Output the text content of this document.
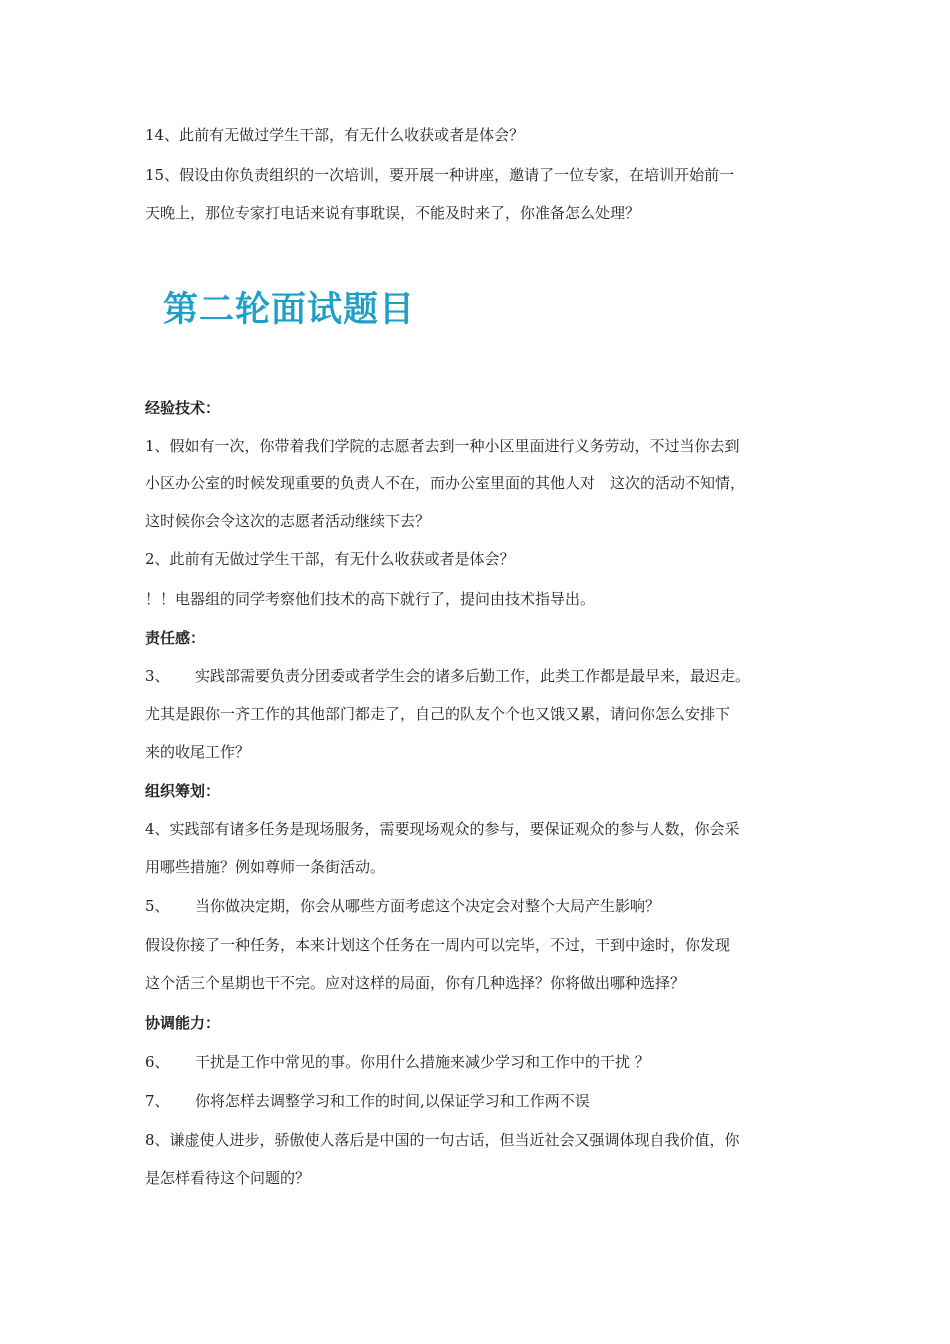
14、此前有无做过学生干部，有无什么收获或者是体会？
15、假设由你负责组织的一次培训，要开展一种讲座，邀请了一位专家，在培训开始前一
天晚上，那位专家打电话来说有事耽误，不能及时来了，你准备怎么处理？
第二轮面试题目
经验技术：
1、假如有一次，你带着我们学院的志愿者去到一种小区里面进行义务劳动，不过当你去到
小区办公室的时候发现重要的负责人不在，而办公室里面的其他人对　这次的活动不知情，
这时候你会令这次的志愿者活动继续下去？
2、此前有无做过学生干部，有无什么收获或者是体会？
！！电器组的同学考察他们技术的高下就行了，提问由技术指导出。
责任感：
3、 实践部需要负责分团委或者学生会的诸多后勤工作，此类工作都是最早来，最迟走。
尤其是跟你一齐工作的其他部门都走了，自己的队友个个也又饿又累，请问你怎么安排下
来的收尾工作？
组织筹划：
4、实践部有诸多任务是现场服务，需要现场观众的参与，要保证观众的参与人数，你会采
用哪些措施？例如尊师一条街活动。
5、 当你做决定期，你会从哪些方面考虑这个决定会对整个大局产生影响？
假设你接了一种任务，本来计划这个任务在一周内可以完毕，不过，干到中途时，你发现
这个活三个星期也干不完。应对这样的局面，你有几种选择？你将做出哪种选择？
协调能力：
6、 干扰是工作中常见的事。你用什么措施来减少学习和工作中的干扰 ？
7、 你将怎样去调整学习和工作的时间,以保证学习和工作两不误
8、谦虚使人进步，骄傲使人落后是中国的一句古话，但当近社会又强调体现自我价值，你
是怎样看待这个问题的？
